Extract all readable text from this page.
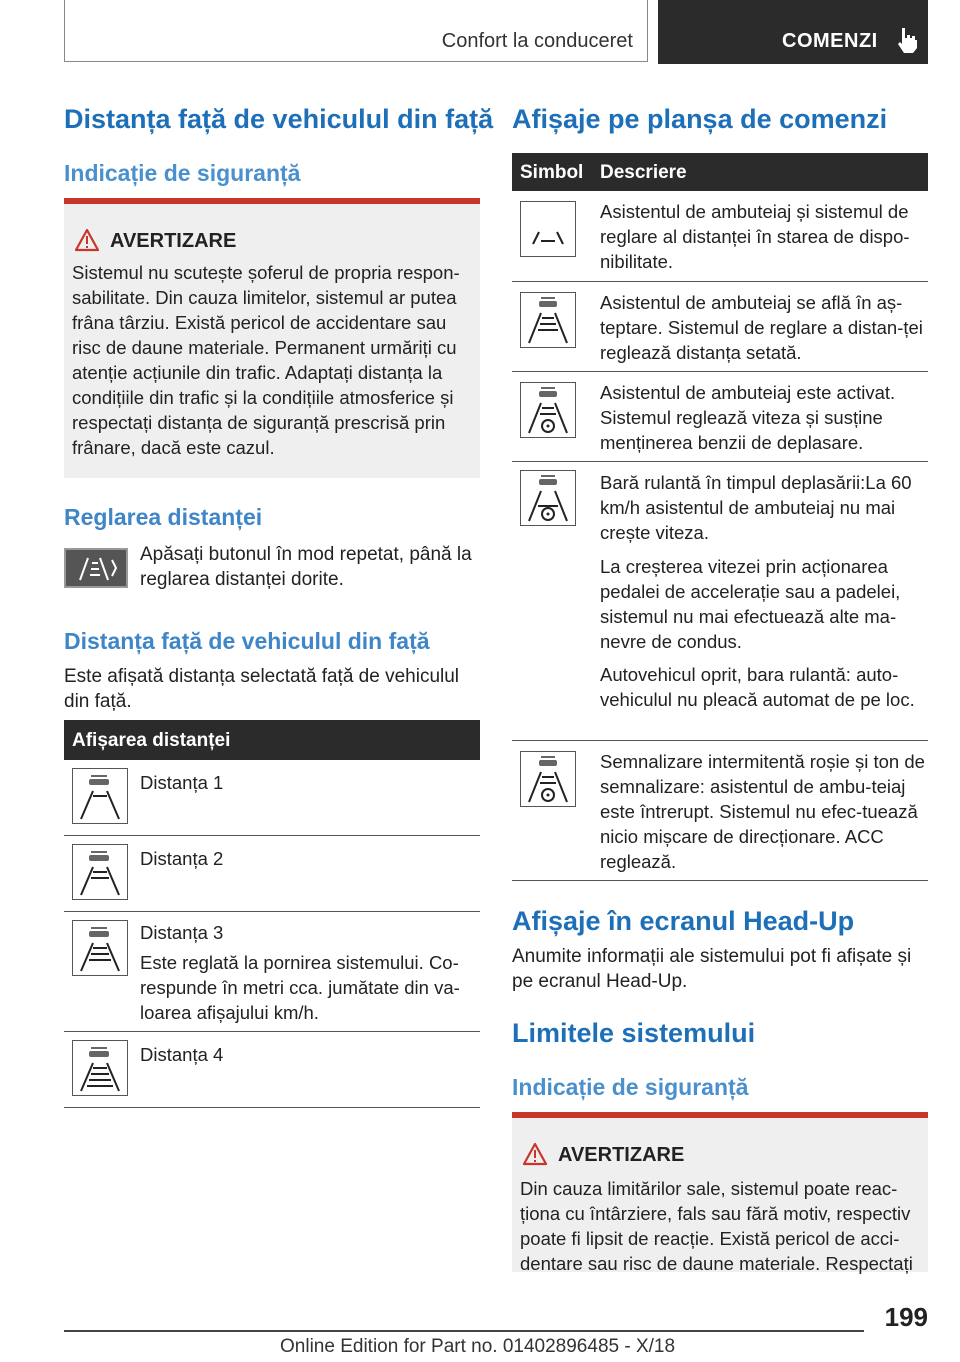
Confort la conduceret	COMENZI
Distanța față de vehiculul din față
Indicație de siguranță
AVERTIZARE
Sistemul nu scutește șoferul de propria respon-sabilitate. Din cauza limitelor, sistemul ar putea frâna târziu. Există pericol de accidentare sau risc de daune materiale. Permanent urmăriți cu atenție acțiunile din trafic. Adaptați distanța la condițiile din trafic și la condițiile atmosferice și respectați distanța de siguranță prescrisă prin frânare, dacă este cazul.
Reglarea distanței
Apăsați butonul în mod repetat, până la reglarea distanței dorite.
Distanța față de vehiculul din față
Este afișată distanța selectată față de vehiculul din față.
Afișarea distanței
Distanța 1
Distanța 2
Distanța 3
Este reglată la pornirea sistemului. Co-respunde în metri cca. jumătate din va-loarea afișajului km/h.
Distanța 4
Afișaje pe planșa de comenzi
Simbol Descriere
Asistentul de ambuteiaj și sistemul de reglare al distanței în starea de dispo-nibilitate.
Asistentul de ambuteiaj se află în aș-teptare. Sistemul de reglare a distan-ței reglează distanța setată.
Asistentul de ambuteiaj este activat. Sistemul reglează viteza și susține menținerea benzii de deplasare.
Bară rulantă în timpul deplasării:La 60 km/h asistentul de ambuteiaj nu mai crește viteza.
La creșterea vitezei prin acționarea pedalei de accelerație sau a padelei, sistemul nu mai efectuează alte ma-nevre de condus.
Autovehicul oprit, bara rulantă: auto-vehiculul nu pleacă automat de pe loc.
Semnalizare intermitentă roșie și ton de semnalizare: asistentul de ambu-teiaj este întrerupt. Sistemul nu efec-tuează nicio mișcare de direcționare. ACC reglează.
Afișaje în ecranul Head-Up
Anumite informații ale sistemului pot fi afișate și pe ecranul Head-Up.
Limitele sistemului
Indicație de siguranță
AVERTIZARE
Din cauza limitărilor sale, sistemul poate reac-ționa cu întârziere, fals sau fără motiv, respectiv poate fi lipsit de reacție. Există pericol de acci-dentare sau risc de daune materiale. Respectați
199
Online Edition for Part no. 01402896485 - X/18
